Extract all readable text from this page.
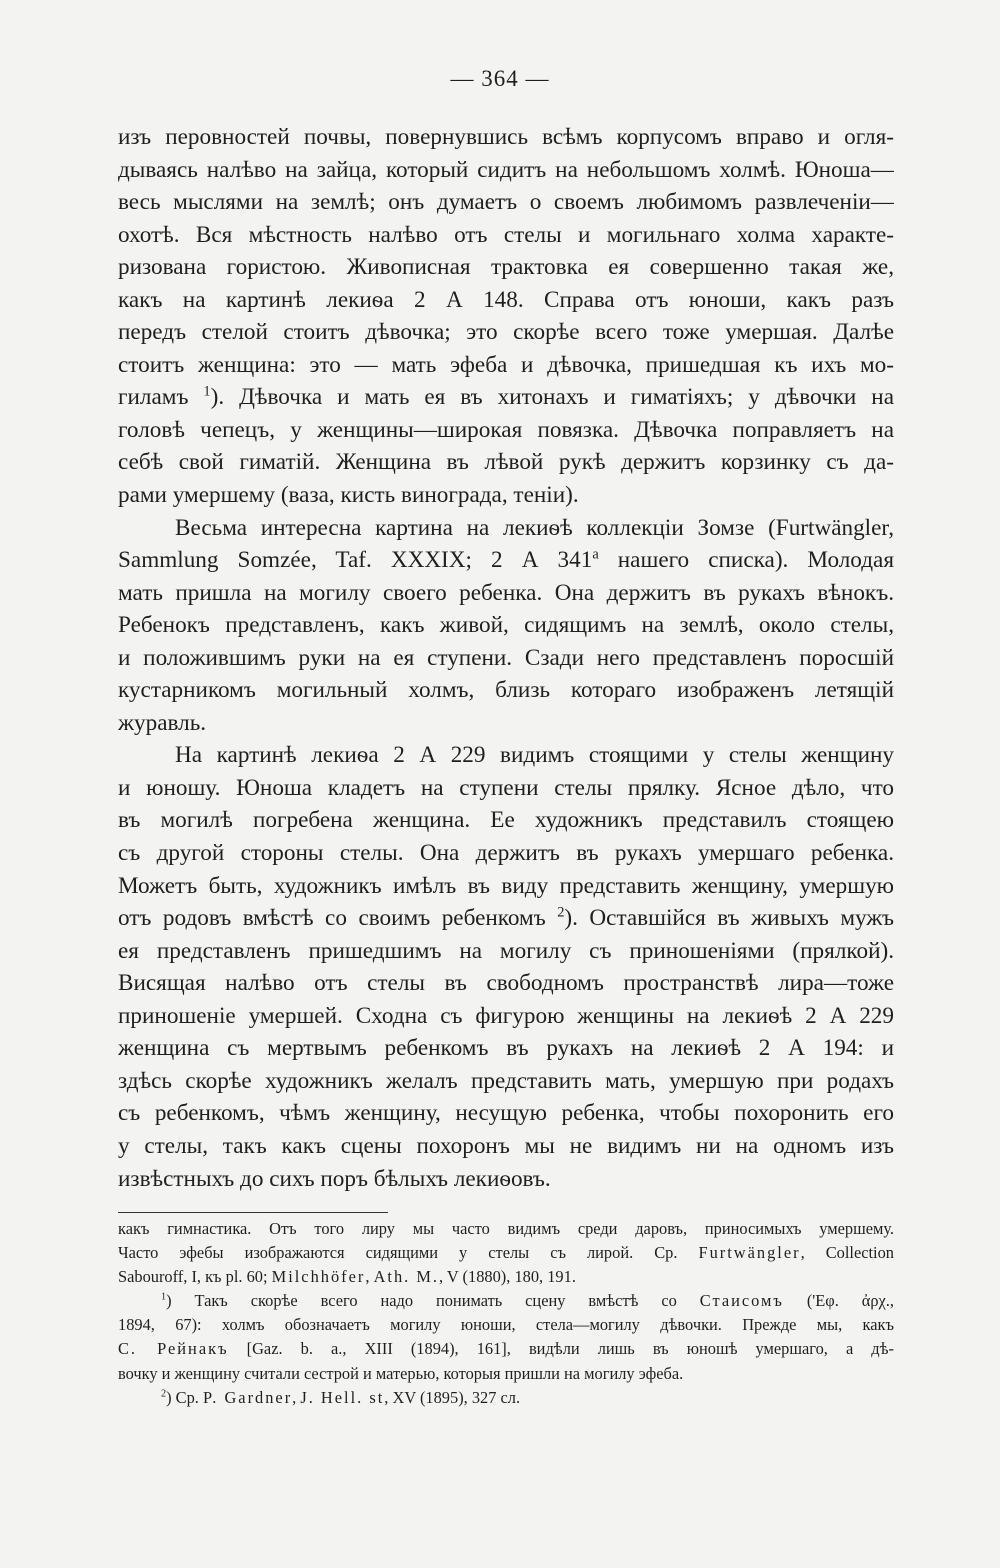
— 364 —
изъ перовностей почвы, повернувшись всѣмъ корпусомъ вправо и огля-
дываясь налѣво на зайца, который сидитъ на небольшомъ холмѣ. Юноша—
весь мыслями на землѣ; онъ думаетъ о своемъ любимомъ развлеченіи—
охотѣ. Вся мѣстность налѣво отъ стелы и могильнаго холма характе-
ризована гористою. Живописная трактовка ея совершенно такая же,
какъ на картинѣ лекиѳа 2 А 148. Справа отъ юноши, какъ разъ
передъ стелой стоитъ дѣвочка; это скорѣе всего тоже умершая. Далѣе
стоитъ женщина: это — мать эфеба и дѣвочка, пришедшая къ ихъ мо-
гиламъ $^1$). Дѣвочка и мать ея въ хитонахъ и гиматіяхъ; у дѣвочки на
головѣ чепецъ, у женщины—широкая повязка. Дѣвочка поправляетъ на
себѣ свой гиматій. Женщина въ лѣвой рукѣ держитъ корзинку съ да-
рами умершему (ваза, кисть винограда, теніи).
Весьма интересна картина на лекиѳѣ коллекціи Зомзе (Furtwängler,
Sammlung Somzée, Taf. XXXIX; 2 А 341$^a$ нашего списка). Молодая
мать пришла на могилу своего ребенка. Она держитъ въ рукахъ вѣнокъ.
Ребенокъ представленъ, какъ живой, сидящимъ на землѣ, около стелы,
и положившимъ руки на ея ступени. Сзади него представленъ поросшій
кустарникомъ могильный холмъ, близь котораго изображенъ летящій
журавль.
На картинѣ лекиѳа 2 А 229 видимъ стоящими у стелы женщину
и юношу. Юноша кладетъ на ступени стелы прялку. Ясное дѣло, что
въ могилѣ погребена женщина. Ее художникъ представилъ стоящею
съ другой стороны стелы. Она держитъ въ рукахъ умершаго ребенка.
Можетъ быть, художникъ имѣлъ въ виду представить женщину, умершую
отъ родовъ вмѣстѣ со своимъ ребенкомъ $^2$). Оставшійся въ живыхъ мужъ
ея представленъ пришедшимъ на могилу съ приношеніями (прялкой).
Висящая налѣво отъ стелы въ свободномъ пространствѣ лира—тоже
приношеніе умершей. Сходна съ фигурою женщины на лекиѳѣ 2 А 229
женщина съ мертвымъ ребенкомъ въ рукахъ на лекиѳѣ 2 А 194: и
здѣсь скорѣе художникъ желалъ представить мать, умершую при родахъ
съ ребенкомъ, чѣмъ женщину, несущую ребенка, чтобы похоронить его
у стелы, такъ какъ сцены похоронъ мы не видимъ ни на одномъ изъ
извѣстныхъ до сихъ поръ бѣлыхъ лекиѳовъ.
какъ гимнастика. Отъ того лиру мы часто видимъ среди даровъ, приносимыхъ умершему.
Часто эфебы изображаются сидящими у стелы съ лирой. Ср. Furtwängler, Collection
Sabouroff, I, къ pl. 60; Milchhöfer, Ath. M., V (1880), 180, 191.
$^1$) Такъ скорѣе всего надо понимать сцену вмѣстѣ со Стаисомъ ('Εφ. ἀρχ.,
1894, 67): холмъ обозначаетъ могилу юноши, стела—могилу дѣвочки. Прежде мы, какъ
С. Рейнакъ [Gaz. b. a., XIII (1894), 161], видѣли лишь въ юношѣ умершаго, а дѣ-
вочку и женщину считали сестрой и матерью, которыя пришли на могилу эфеба.
$^2$) Ср. P. Gardner, J. Hell. st, XV (1895), 327 сл.
